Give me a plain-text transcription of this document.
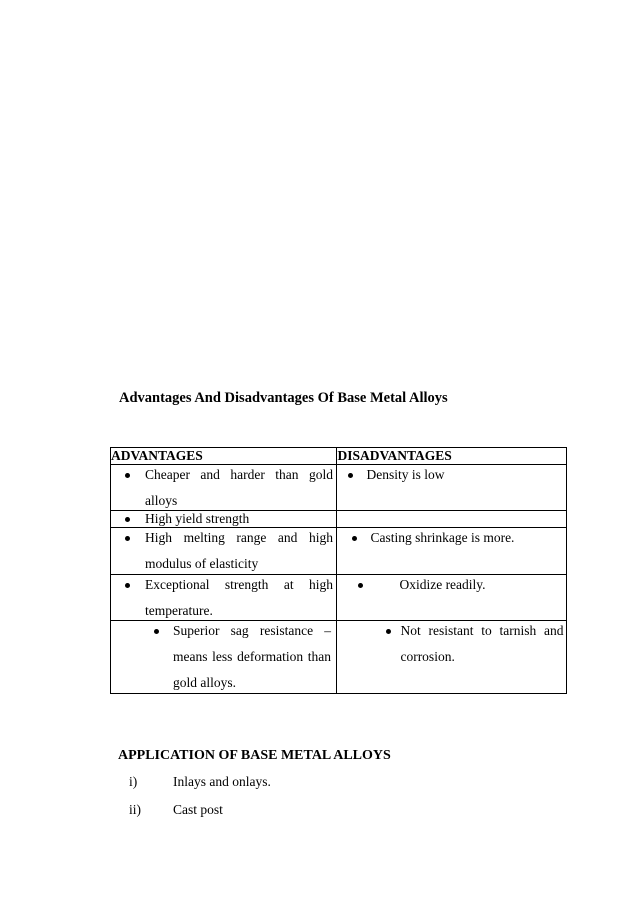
Advantages And Disadvantages Of Base Metal Alloys
ADVANTAGES	DISADVANTAGES

Cheaper and harder than gold alloys	Density is low

High yield strength	

High melting range and high modulus of elasticity	Casting shrinkage is more.

Exceptional strength at high temperature.	Oxidize readily.

Superior sag resistance – means less deformation than gold alloys.	Not resistant to tarnish and corrosion.
APPLICATION OF BASE METAL ALLOYS
i)	Inlays and onlays.
ii) Cast post
